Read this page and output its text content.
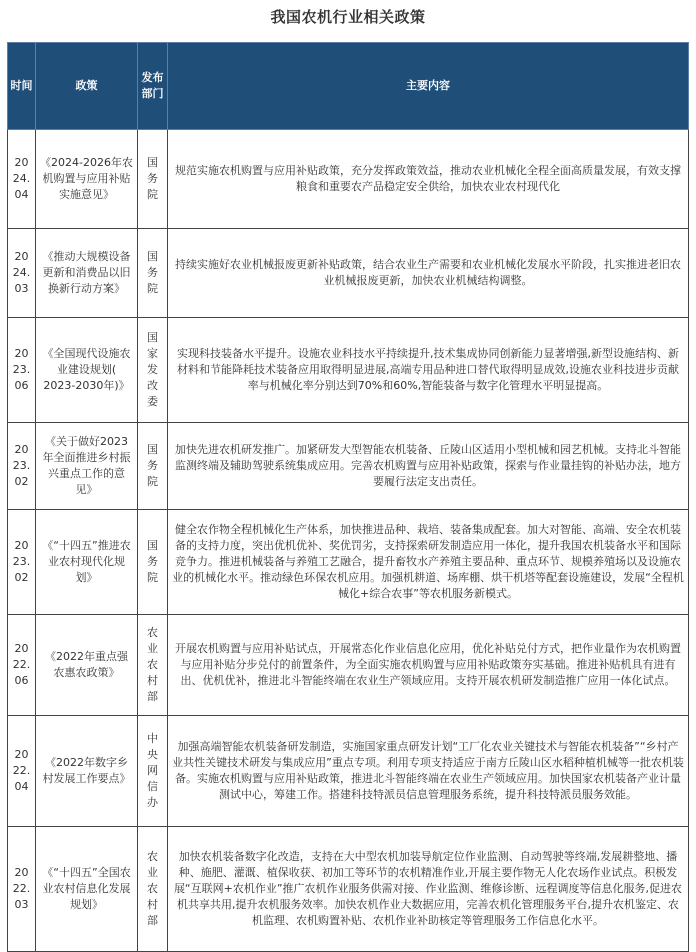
我国农机行业相关政策
时间	政策	发布部门	主要内容
2024.04	《2024-2026年农机购置与应用补贴实施意见》	国务院	规范实施农机购置与应用补贴政策，充分发挥政策效益，推动农业机械化全程全面高质量发展，有效支撑粮食和重要农产品稳定安全供给，加快农业农村现代化
2024.03	《推动大规模设备更新和消费品以旧换新行动方案》	国务院	持续实施好农业机械报废更新补贴政策，结合农业生产需要和农业机械化发展水平阶段，扎实推进老旧农业机械报废更新，加快农业机械结构调整。
2023.06	《全国现代设施农业建设规划( 2023-2030年)》	国家发改委	实现科技装备水平提升。设施农业科技水平持续提升,技术集成协同创新能力显著增强,新型设施结构、新材料和节能降耗技术装备应用取得明显进展,高端专用品种进口替代取得明显成效,设施农业科技进步贡献率与机械化率分别达到70%和60%,智能装备与数字化管理水平明显提高。
2023.02	《关于做好2023年全面推进乡村振兴重点工作的意见》	国务院	加快先进农机研发推广。加紧研发大型智能农机装备、丘陵山区适用小型机械和园艺机械。支持北斗智能监测终端及辅助驾驶系统集成应用。完善农机购置与应用补贴政策，探索与作业量挂钩的补贴办法，地方要履行法定支出责任。
2023.02	《“十四五”推进农业农村现代化规划》	国务院	健全农作物全程机械化生产体系，加快推进品种、栽培、装备集成配套。加大对智能、高端、安全农机装备的支持力度，突出优机优补、奖优罚劣，支持探索研发制造应用一体化，提升我国农机装备水平和国际竞争力。推进机械装备与养殖工艺融合，提升畜牧水产养殖主要品种、重点环节、规模养殖场以及设施农业的机械化水平。推动绿色环保农机应用。加强机耕道、场库棚、烘干机塔等配套设施建设，发展“全程机械化+综合农事”等农机服务新模式。
2022.06	《2022年重点强农惠农政策》	农业农村部	开展农机购置与应用补贴试点，开展常态化作业信息化应用，优化补贴兑付方式，把作业量作为农机购置与应用补贴分步兑付的前置条件，为全面实施农机购置与应用补贴政策夯实基础。推进补贴机具有进有出、优机优补，推进北斗智能终端在农业生产领域应用。支持开展农机研发制造推广应用一体化试点。
2022.04	《2022年数字乡村发展工作要点》	中央网信办	加强高端智能农机装备研发制造，实施国家重点研发计划“工厂化农业关键技术与智能农机装备”“乡村产业共性关键技术研发与集成应用”重点专项。利用专项支持适应于南方丘陵山区水稻种植机械等一批农机装备。实施农机购置与应用补贴政策，推进北斗智能终端在农业生产领域应用。加快国家农机装备产业计量测试中心，筹建工作。搭建科技特派员信息管理服务系统，提升科技特派员服务效能。
2022.03	《“十四五”全国农业农村信息化发展规划》	农业农村部	加快农机装备数字化改造，支持在大中型农机加装导航定位作业监测、自动驾驶等终端,发展耕整地、播种、施肥、灌溉、植保收获、初加工等环节的农机精准作业,开展主要作物无人化农场作业试点。积极发展“互联网+农机作业”推广农机作业服务供需对接、作业监测、维修诊断、远程调度等信息化服务,促进农机共享共用,提升农机服务效率。加快农机作业大数据应用，完善农机化管理服务平台,提升农机鉴定、农机监理、农机购置补贴、农机作业补助核定等管理服务工作信息化水平。
